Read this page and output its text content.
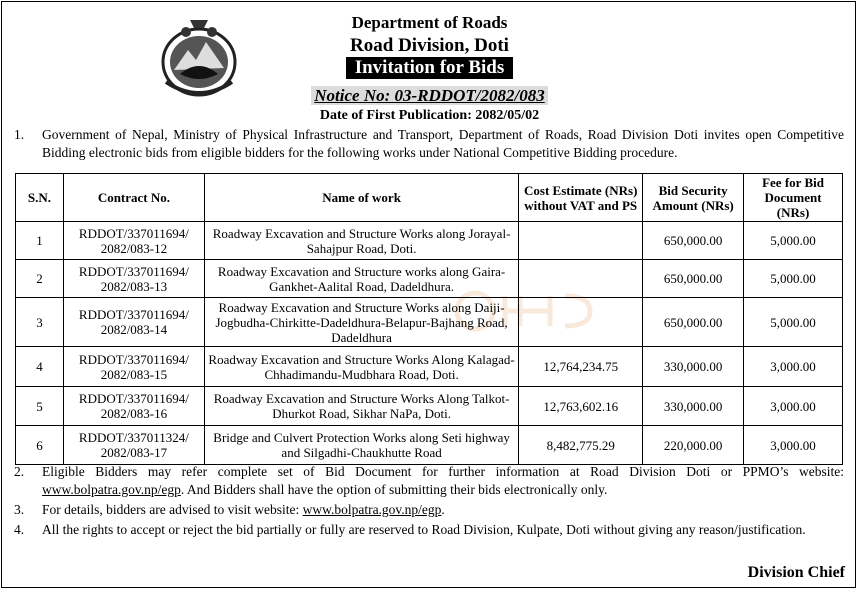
Department of Roads
Road Division, Doti
Invitation for Bids
Notice No: 03-RDDOT/2082/083
Date of First Publication: 2082/05/02
1. Government of Nepal, Ministry of Physical Infrastructure and Transport, Department of Roads, Road Division Doti invites open Competitive Bidding electronic bids from eligible bidders for the following works under National Competitive Bidding procedure.
S.N.	Contract No.	Name of work	Cost Estimate (NRs) without VAT and PS	Bid Security Amount (NRs)	Fee for Bid Document (NRs)
1	RDDOT/337011694/ 2082/083-12	Roadway Excavation and Structure Works along Jorayal-Sahajpur Road, Doti.		650,000.00	5,000.00
2	RDDOT/337011694/ 2082/083-13	Roadway Excavation and Structure works along Gaira-Gankhet-Aalital Road, Dadeldhura.		650,000.00	5,000.00
3	RDDOT/337011694/ 2082/083-14	Roadway Excavation and Structure Works along Daiji-Jogbudha-Chirkitte-Dadeldhura-Belapur-Bajhang Road, Dadeldhura		650,000.00	5,000.00
4	RDDOT/337011694/ 2082/083-15	Roadway Excavation and Structure Works Along Kalagad-Chhadimandu-Mudbhara Road, Doti.	12,764,234.75	330,000.00	3,000.00
5	RDDOT/337011694/ 2082/083-16	Roadway Excavation and Structure Works Along Talkot-Dhurkot Road, Sikhar NaPa, Doti.	12,763,602.16	330,000.00	3,000.00
6	RDDOT/337011324/ 2082/083-17	Bridge and Culvert Protection Works along Seti highway and Silgadhi-Chaukhutte Road	8,482,775.29	220,000.00	3,000.00
2. Eligible Bidders may refer complete set of Bid Document for further information at Road Division Doti or PPMO’s website: www.bolpatra.gov.np/egp. And Bidders shall have the option of submitting their bids electronically only.
3. For details, bidders are advised to visit website: www.bolpatra.gov.np/egp.
4. All the rights to accept or reject the bid partially or fully are reserved to Road Division, Kulpate, Doti without giving any reason/justification.
Division Chief
